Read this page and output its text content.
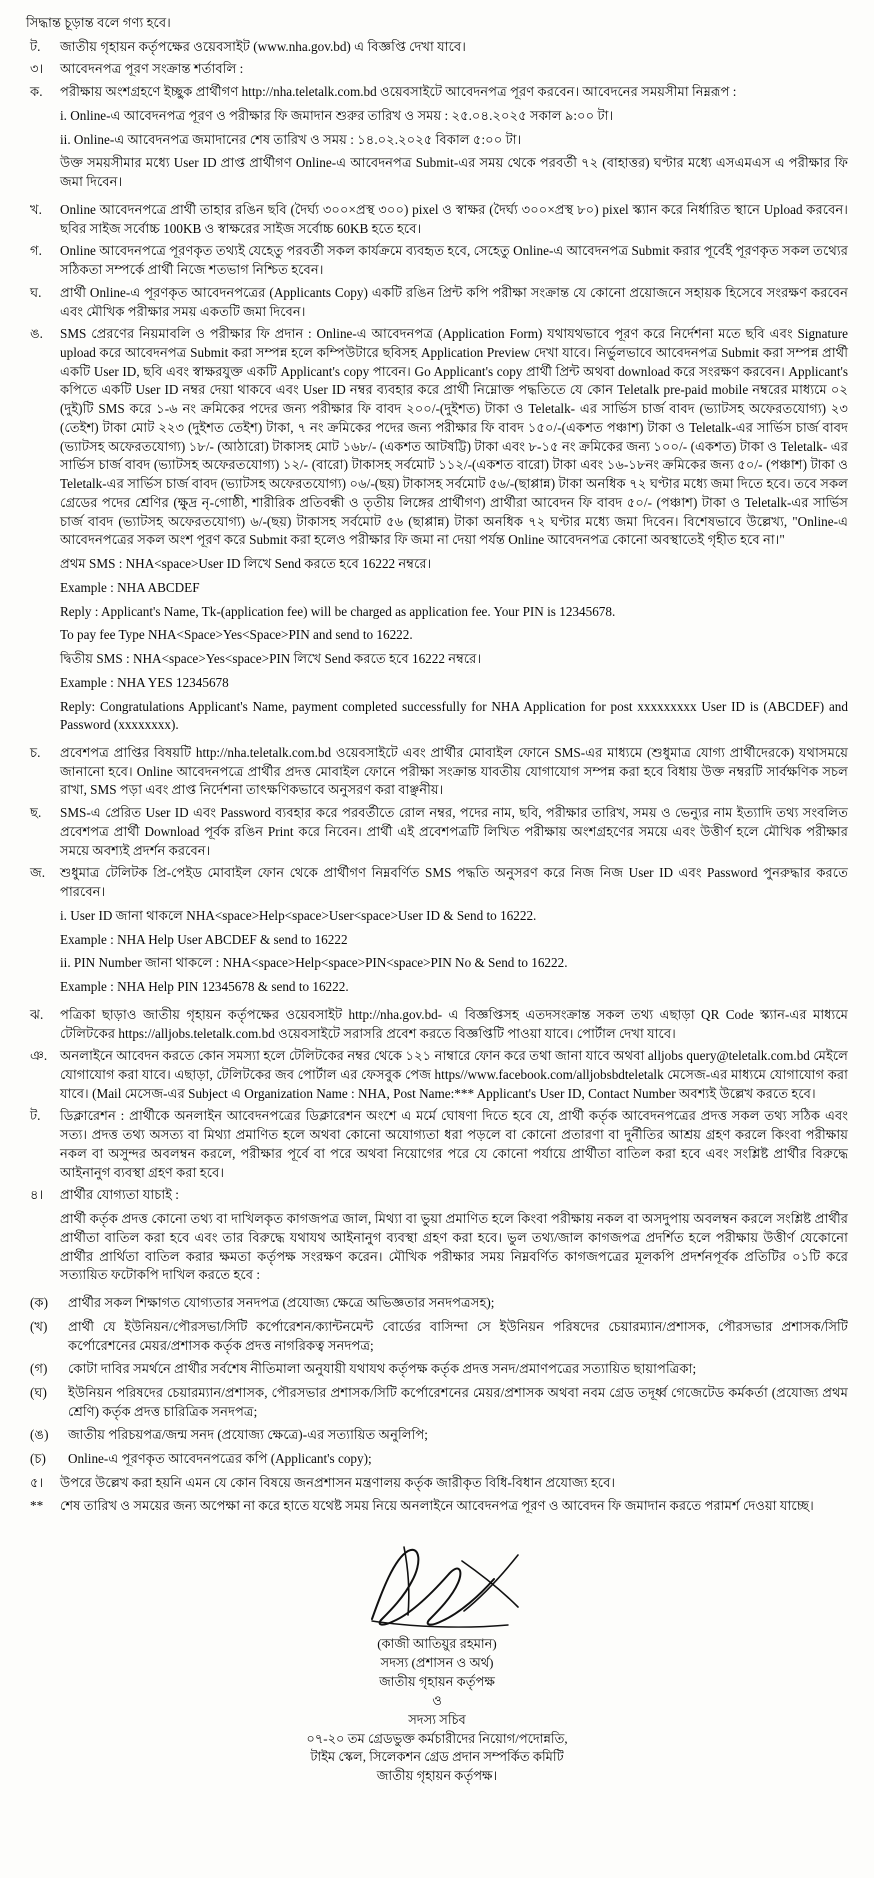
সিদ্ধান্ত চূড়ান্ত বলে গণ্য হবে।

ট.	জাতীয় গৃহায়ন কর্তৃপক্ষের ওয়েবসাইট (www.nha.gov.bd) এ বিজ্ঞপ্তি দেখা যাবে।
৩।	আবেদনপত্র পূরণ সংক্রান্ত শর্তাবলি :
ক.	পরীক্ষায় অংশগ্রহণে ইচ্ছুক প্রার্থীগণ http://nha.teletalk.com.bd ওয়েবসাইটে আবেদনপত্র পূরণ করবেন। আবেদনের সময়সীমা নিম্নরূপ :

i. Online-এ আবেদনপত্র পূরণ ও পরীক্ষার ফি জমাদান শুরুর তারিখ ও সময় : ২৫.০৪.২০২৫ সকাল ৯:০০ টা।

ii. Online-এ আবেদনপত্র জমাদানের শেষ তারিখ ও সময় : ১৪.০২.২০২৫ বিকাল ৫:০০ টা।

উক্ত সময়সীমার মধ্যে User ID প্রাপ্ত প্রার্থীগণ Online-এ আবেদনপত্র Submit-এর সময় থেকে পরবর্তী ৭২ (বাহাত্তর) ঘণ্টার মধ্যে এসএমএস এ পরীক্ষার ফি জমা দিবেন।

খ.	Online আবেদনপত্রে প্রার্থী তাহার রঙিন ছবি (দৈর্ঘ্য ৩০০×প্রস্থ ৩০০) pixel ও স্বাক্ষর (দৈর্ঘ্য ৩০০×প্রস্থ ৮০) pixel স্ক্যান করে নির্ধারিত স্থানে Upload করবেন। ছবির সাইজ সর্বোচ্চ 100KB ও স্বাক্ষরের সাইজ সর্বোচ্চ 60KB হতে হবে।
গ.	Online আবেদনপত্রে পূরণকৃত তথ্যই যেহেতু পরবর্তী সকল কার্যক্রমে ব্যবহৃত হবে, সেহেতু Online-এ আবেদনপত্র Submit করার পূর্বেই পূরণকৃত সকল তথ্যের সঠিকতা সম্পর্কে প্রার্থী নিজে শতভাগ নিশ্চিত হবেন।
ঘ.	প্রার্থী Online-এ পূরণকৃত আবেদনপত্রের (Applicants Copy) একটি রঙিন প্রিন্ট কপি পরীক্ষা সংক্রান্ত যে কোনো প্রয়োজনে সহায়ক হিসেবে সংরক্ষণ করবেন এবং মৌখিক পরীক্ষার সময় একতটি জমা দিবেন।
ঙ.	SMS প্রেরণের নিয়মাবলি ও পরীক্ষার ফি প্রদান : Online-এ আবেদনপত্র (Application Form) যথাযথভাবে পূরণ করে নির্দেশনা মতে ছবি এবং Signature upload করে আবেদনপত্র Submit করা সম্পন্ন হলে কম্পিউটারে ছবিসহ Application Preview দেখা যাবে। নির্ভুলভাবে আবেদনপত্র Submit করা সম্পন্ন প্রার্থী একটি User ID, ছবি এবং স্বাক্ষরযুক্ত একটি Applicant's copy পাবেন। Go Applicant's copy প্রার্থী প্রিন্ট অথবা download করে সংরক্ষণ করবেন। Applicant's কপিতে একটি User ID নম্বর দেয়া থাকবে এবং User ID নম্বর ব্যবহার করে প্রার্থী নিম্নোক্ত পদ্ধতিতে যে কোন Teletalk pre-paid mobile নম্বরের মাধ্যমে ০২ (দুই)টি SMS করে ১-৬ নং ক্রমিকের পদের জন্য পরীক্ষার ফি বাবদ ২০০/-(দুইশত) টাকা ও Teletalk- এর সার্ভিস চার্জ বাবদ (ভ্যাটসহ অফেরতযোগ্য) ২৩ (তেইশ) টাকা মোট ২২৩ (দুইশত তেইশ) টাকা, ৭ নং ক্রমিকের পদের জন্য পরীক্ষার ফি বাবদ ১৫০/-(একশত পঞ্চাশ) টাকা ও Teletalk-এর সার্ভিস চার্জ বাবদ (ভ্যাটসহ অফেরতযোগ্য) ১৮/- (আঠারো) টাকাসহ মোট ১৬৮/- (একশত আটষট্টি) টাকা এবং ৮-১৫ নং ক্রমিকের জন্য ১০০/- (একশত) টাকা ও Teletalk- এর সার্ভিস চার্জ বাবদ (ভ্যাটসহ অফেরতযোগ্য) ১২/- (বারো) টাকাসহ সর্বমোট ১১২/-(একশত বারো) টাকা এবং ১৬-১৮নং ক্রমিকের জন্য ৫০/- (পঞ্চাশ) টাকা ও Teletalk-এর সার্ভিস চার্জ বাবদ (ভ্যাটসহ অফেরতযোগ্য) ০৬/-(ছয়) টাকাসহ সর্বমোট ৫৬/-(ছাপ্পান্ন) টাকা অনধিক ৭২ ঘণ্টার মধ্যে জমা দিতে হবে। তবে সকল গ্রেডের পদের শ্রেণির (ক্ষুদ্র নৃ-গোষ্ঠী, শারীরিক প্রতিবন্ধী ও তৃতীয় লিঙ্গের প্রার্থীগণ) প্রার্থীরা আবেদন ফি বাবদ ৫০/- (পঞ্চাশ) টাকা ও Teletalk-এর সার্ভিস চার্জ বাবদ (ভ্যাটসহ অফেরতযোগ্য) ৬/-(ছয়) টাকাসহ সর্বমোট ৫৬ (ছাপ্পান্ন) টাকা অনধিক ৭২ ঘণ্টার মধ্যে জমা দিবেন। বিশেষভাবে উল্লেখ্য, "Online-এ আবেদনপত্রের সকল অংশ পূরণ করে Submit করা হলেও পরীক্ষার ফি জমা না দেয়া পর্যন্ত Online আবেদনপত্র কোনো অবস্থাতেই গৃহীত হবে না।"

প্রথম SMS : NHA<space>User ID লিখে Send করতে হবে 16222 নম্বরে।

Example : NHA ABCDEF

Reply : Applicant's Name, Tk-(application fee) will be charged as application fee. Your PIN is 12345678.

To pay fee Type NHA<Space>Yes<Space>PIN and send to 16222.

দ্বিতীয় SMS : NHA<space>Yes<space>PIN লিখে Send করতে হবে 16222 নম্বরে।

Example : NHA YES 12345678

Reply: Congratulations Applicant's Name, payment completed successfully for NHA Application for post xxxxxxxxx User ID is (ABCDEF) and Password (xxxxxxxx).

চ.	প্রবেশপত্র প্রাপ্তির বিষয়টি http://nha.teletalk.com.bd ওয়েবসাইটে এবং প্রার্থীর মোবাইল ফোনে SMS-এর মাধ্যমে (শুধুমাত্র যোগ্য প্রার্থীদেরকে) যথাসময়ে জানানো হবে। Online আবেদনপত্রে প্রার্থীর প্রদত্ত মোবাইল ফোনে পরীক্ষা সংক্রান্ত যাবতীয় যোগাযোগ সম্পন্ন করা হবে বিধায় উক্ত নম্বরটি সার্বক্ষণিক সচল রাখা, SMS পড়া এবং প্রাপ্ত নির্দেশনা তাৎক্ষণিকভাবে অনুসরণ করা বাঞ্ছনীয়।
ছ.	SMS-এ প্রেরিত User ID এবং Password ব্যবহার করে পরবর্তীতে রোল নম্বর, পদের নাম, ছবি, পরীক্ষার তারিখ, সময় ও ভেন্যুর নাম ইত্যাদি তথ্য সংবলিত প্রবেশপত্র প্রার্থী Download পূর্বক রঙিন Print করে নিবেন। প্রার্থী এই প্রবেশপত্রটি লিখিত পরীক্ষায় অংশগ্রহণের সময়ে এবং উত্তীর্ণ হলে মৌখিক পরীক্ষার সময়ে অবশ্যই প্রদর্শন করবেন।
জ.	শুধুমাত্র টেলিটক প্রি-পেইড মোবাইল ফোন থেকে প্রার্থীগণ নিম্নবর্ণিত SMS পদ্ধতি অনুসরণ করে নিজ নিজ User ID এবং Password পুনরুদ্ধার করতে পারবেন।

i. User ID জানা থাকলে NHA<space>Help<space>User<space>User ID & Send to 16222.

Example : NHA Help User ABCDEF & send to 16222

ii. PIN Number জানা থাকলে : NHA<space>Help<space>PIN<space>PIN No & Send to 16222.

Example : NHA Help PIN 12345678 & send to 16222.

ঝ.	পত্রিকা ছাড়াও জাতীয় গৃহায়ন কর্তৃপক্ষের ওয়েবসাইট http://nha.gov.bd- এ বিজ্ঞপ্তিসহ এতদসংক্রান্ত সকল তথ্য এছাড়া QR Code স্ক্যান-এর মাধ্যমে টেলিটকের https://alljobs.teletalk.com.bd ওয়েবসাইটে সরাসরি প্রবেশ করতে বিজ্ঞপ্তিটি পাওয়া যাবে। পোর্টাল দেখা যাবে।
ঞ. অনলাইনে আবেদন করতে কোন সমস্যা হলে টেলিটকের নম্বর থেকে ১২১ নাম্বারে ফোন করে তথা জানা যাবে অথবা alljobs query@teletalk.com.bd মেইলে যোগাযোগ করা যাবে। এছাড়া, টেলিটকের জব পোর্টাল এর ফেসবুক পেজ https//www.facebook.com/alljobsbdteletalk মেসেজ-এর মাধ্যমে যোগাযোগ করা যাবে। (Mail মেসেজ-এর Subject এ Organization Name : NHA, Post Name:*** Applicant's User ID, Contact Number অবশ্যই উল্লেখ করতে হবে।
ট.	ডিক্লারেশন : প্রার্থীকে অনলাইন আবেদনপত্রের ডিক্লারেশন অংশে এ মর্মে ঘোষণা দিতে হবে যে, প্রার্থী কর্তৃক আবেদনপত্রের প্রদত্ত সকল তথ্য সঠিক এবং সত্য। প্রদত্ত তথ্য অসত্য বা মিথ্যা প্রমাণিত হলে অথবা কোনো অযোগ্যতা ধরা পড়লে বা কোনো প্রতারণা বা দুর্নীতির আশ্রয় গ্রহণ করলে কিংবা পরীক্ষায় নকল বা অসুন্দর অবলম্বন করলে, পরীক্ষার পূর্বে বা পরে অথবা নিয়োগের পরে যে কোনো পর্যায়ে প্রার্থীতা বাতিল করা হবে এবং সংশ্লিষ্ট প্রার্থীর বিরুদ্ধে আইনানুগ ব্যবস্থা গ্রহণ করা হবে।
৪।	প্রার্থীর যোগ্যতা যাচাই :

প্রার্থী কর্তৃক প্রদত্ত কোনো তথ্য বা দাখিলকৃত কাগজপত্র জাল, মিথ্যা বা ভুয়া প্রমাণিত হলে কিংবা পরীক্ষায় নকল বা অসদুপায় অবলম্বন করলে সংশ্লিষ্ট প্রার্থীর প্রার্থীতা বাতিল করা হবে এবং তার বিরুদ্ধে যথাযথ আইনানুগ ব্যবস্থা গ্রহণ করা হবে। ভুল তথ্য/জাল কাগজপত্র প্রদর্শিত হলে পরীক্ষায় উত্তীর্ণ যেকোনো প্রার্থীর প্রার্থিতা বাতিল করার ক্ষমতা কর্তৃপক্ষ সংরক্ষণ করেন। মৌখিক পরীক্ষার সময় নিম্নবর্ণিত কাগজপত্রের মূলকপি প্রদর্শনপূর্বক প্রতিটির ০১টি করে সত্যায়িত ফটোকপি দাখিল করতে হবে :

(ক)	প্রার্থীর সকল শিক্ষাগত যোগ্যতার সনদপত্র (প্রযোজ্য ক্ষেত্রে অভিজ্ঞতার সনদপত্রসহ);
(খ)	প্রার্থী যে ইউনিয়ন/পৌরসভা/সিটি কর্পোরেশন/ক্যান্টনমেন্ট বোর্ডের বাসিন্দা সে ইউনিয়ন পরিষদের চেয়ারম্যান/প্রশাসক, পৌরসভার প্রশাসক/সিটি কর্পোরেশনের মেয়র/প্রশাসক কর্তৃক প্রদত্ত নাগরিকত্ব সনদপত্র;
(গ)	কোটা দাবির সমর্থনে প্রার্থীর সর্বশেষ নীতিমালা অনুযায়ী যথাযথ কর্তৃপক্ষ কর্তৃক প্রদত্ত সনদ/প্রমাণপত্রের সত্যায়িত ছায়াপত্রিকা;
(ঘ)	ইউনিয়ন পরিষদের চেয়ারম্যান/প্রশাসক, পৌরসভার প্রশাসক/সিটি কর্পোরেশনের মেয়র/প্রশাসক অথবা নবম গ্রেড তদূর্ধ্ব গেজেটেড কর্মকর্তা (প্রযোজ্য প্রথম শ্রেণি) কর্তৃক প্রদত্ত চারিত্রিক সনদপত্র;
(ঙ)	জাতীয় পরিচয়পত্র/জন্ম সনদ (প্রযোজ্য ক্ষেত্রে)-এর সত্যায়িত অনুলিপি;
(চ)	Online-এ পূরণকৃত আবেদনপত্রের কপি (Applicant's copy);
৫।	উপরে উল্লেখ করা হয়নি এমন যে কোন বিষয়ে জনপ্রশাসন মন্ত্রণালয় কর্তৃক জারীকৃত বিধি-বিধান প্রযোজ্য হবে।
**	শেষ তারিখ ও সময়ের জন্য অপেক্ষা না করে হাতে যথেষ্ট সময় নিয়ে অনলাইনে আবেদনপত্র পূরণ ও আবেদন ফি জমাদান করতে পরামর্শ দেওয়া যাচ্ছে।
(কাজী আতিয়ুর রহমান)
সদস্য (প্রশাসন ও অর্থ)
জাতীয় গৃহায়ন কর্তৃপক্ষ
ও
সদস্য সচিব
০৭-২০ তম গ্রেডভুক্ত কর্মচারীদের নিয়োগ/পদোন্নতি,
টাইম স্কেল, সিলেকশন গ্রেড প্রদান সম্পর্কিত কমিটি
জাতীয় গৃহায়ন কর্তৃপক্ষ।
